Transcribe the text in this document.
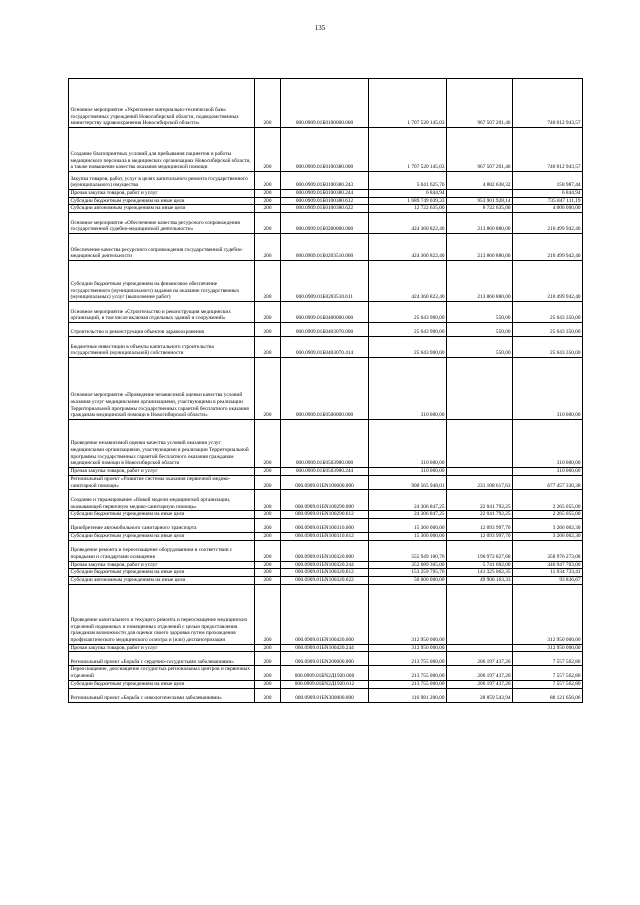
135
Основное мероприятие «Укрепление материально-технической базы государственных учреждений Новосибирской области, подведомственных министерству здравоохранения Новосибирской области»	200	000.0909.01Б0100000.000	1 707 520 145,03	967 507 201,46	740 012 943,57
Создание благоприятных условий для пребывания пациентов и работы медицинского персонала в медицинских организациях Новосибирской области, а также повышение качества оказания медицинской помощи	200	000.0909.01Б0100380.000	1 707 520 145,03	967 507 201,46	740 012 943,57
Закупка товаров, работ, услуг в целях капитального ремонта государственного (муниципального) имущества	200	000.0909.01Б0100380.243	5 041 625,76	4 882 638,32	158 987,44
Прочая закупка товаров, работ и услуг	200	000.0909.01Б0100380.244	6 844,94		6 844,94
Субсидии бюджетным учреждениям на иные цели	200	000.0909.01Б0100380.612	1 689 749 039,33	953 901 928,14	735 847 111,19
Субсидии автономным учреждениям на иные цели	200	000.0909.01Б0100380.622	12 722 635,00	8 722 635,00	4 000 000,00
Основное мероприятие «Обеспечение качества ресурсного сопровождения государственной судебно-медицинской деятельности»	200	000.0909.01Б0200000.000	424 360 822,40	213 860 880,00	210 499 942,40
Обеспечение качества ресурсного сопровождения государственной судебно-медицинской деятельности	200	000.0909.01Б0203510.000	424 360 822,40	213 860 880,00	210 499 942,40
Субсидии бюджетным учреждениям на финансовое обеспечение государственного (муниципального) задания на оказание государственных (муниципальных) услуг (выполнение работ)	200	000.0909.01Б0203510.611	424 360 822,40	213 860 880,00	210 499 942,40
Основное мероприятие «Строительство и реконструкция медицинских организаций, в том числе включая отдельных зданий и сооружений»	200	000.0909.01Б0400000.000	25 643 900,00	550,00	25 643 350,00
Строительство и реконструкция объектов здравоохранения	200	000.0909.01Б0403070.000	25 643 900,00	550,00	25 643 350,00
Бюджетные инвестиции в объекты капитального строительства государственной (муниципальной) собственности	200	000.0909.01Б0403070.414	25 643 900,00	550,00	25 643 350,00
Основное мероприятие «Проведение независимой оценки качества условий оказания услуг медицинскими организациями, участвующими в реализации Территориальной программы государственных гарантий бесплатного оказания гражданам медицинской помощи в Новосибирской области»	200	000.0909.01Б0500000.000	310 000,00		310 000,00
Проведение независимой оценки качества условий оказания услуг медицинскими организациями, участвующими в реализации Территориальной программы государственных гарантий бесплатного оказания гражданам медицинской помощи в Новосибирской области	200	000.0909.01Б0503980.000	310 000,00		310 000,00
Прочая закупка товаров, работ и услуг	200	000.0909.01Б0503980.244	310 000,00		310 000,00
Региональный проект «Развитие системы оказания первичной медико-санитарной помощи»	200	000.0909.01БN100000.000	908 565 948,01	231 108 617,63	677 457 330,38
Создание и тиражирование «Новой модели медицинской организации, оказывающей первичную медико-санитарную помощь»	200	000.0909.01БN100290.000	24 306 847,25	22 041 792,25	2 265 055,00
Субсидии бюджетным учреждениям на иные цели	200	000.0909.01БN100290.612	24 306 847,25	22 041 792,25	2 265 055,00
Приобретение автомобильного санитарного транспорта	200	000.0909.01БN100310.000	15 360 000,00	12 093 997,70	3 266 002,30
Субсидии бюджетным учреждениям на иные цели	200	000.0909.01БN100310.612	15 360 000,00	12 093 997,70	3 266 002,30
Проведение ремонта и переоснащение оборудованием в соответствии с порядками и стандартами оснащения	200	000.0909.01БN100320.000	555 949 100,76	196 972 827,68	358 976 273,08
Прочая закупка товаров, работ и услуг	200	000.0909.01БN100320.244	352 689 305,00	5 741 602,00	346 947 703,00
Субсидии бюджетным учреждениям на иные цели	200	000.0909.01БN100320.612	153 259 795,76	141 325 062,35	11 934 733,41
Субсидии автономным учреждениям на иные цели	200	000.0909.01БN100320.622	50 000 000,00	49 906 163,33	93 836,67
Проведение капитального и текущего ремонта и переоснащение медицинских отделений подвижных и помещенных отделений с целью предоставления гражданам возможности для оценки своего здоровья путем прохождения профилактического медицинского осмотра и (или) диспансеризации	200	000.0909.01БN100420.000	312 950 000,00		312 950 000,00
Прочая закупка товаров, работ и услуг	200	000.0909.01БN100420.244	312 950 000,00		312 950 000,00
Региональный проект «Борьба с сердечно-сосудистыми заболеваниями»	200	000.0909.01БN200000.000	213 755 000,00	206 197 437,20	7 557 562,80
Переоснащение, дооснащение сосудистых региональных центров и первичных отделений	200	000.0909.01БN2Д1920.000	213 755 000,00	206 197 437,20	7 557 562,80
Субсидии бюджетным учреждениям на иные цели	200	000.0909.01БN2Д1920.612	213 755 000,00	206 197 437,20	7 557 562,80
Региональный проект «Борьба с онкологическими заболеваниями»	200	000.0909.01БN300000.000	116 981 200,00	28 859 543,94	88 121 656,06
